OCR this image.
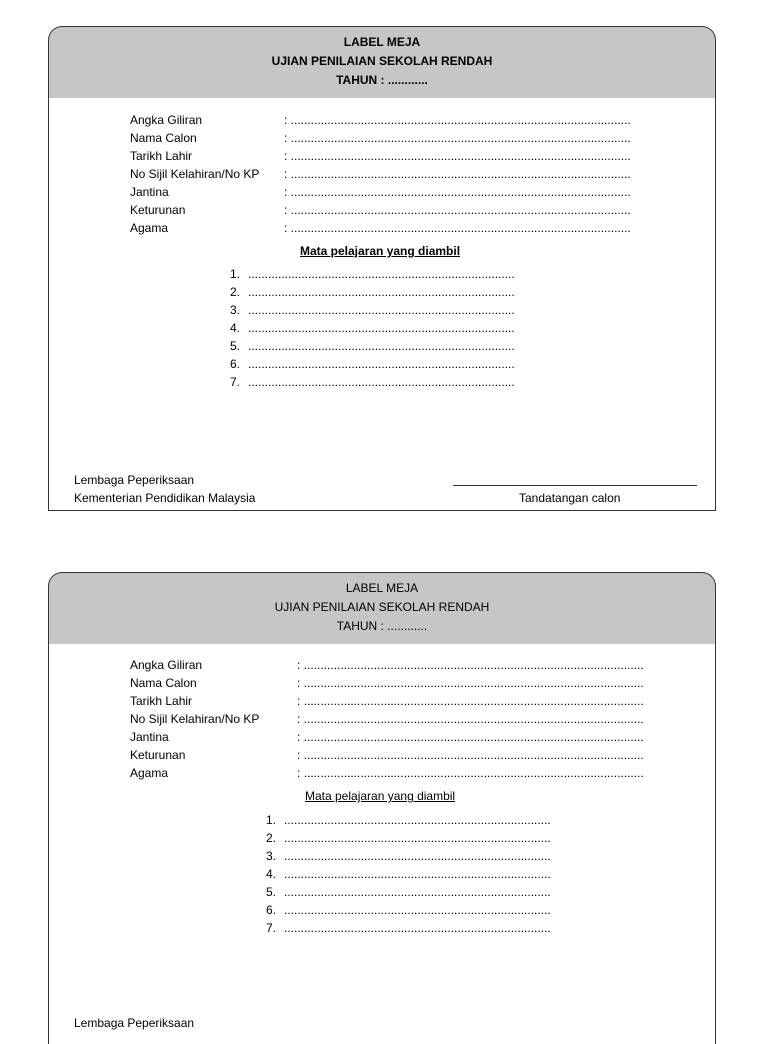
LABEL MEJA
UJIAN PENILAIAN SEKOLAH RENDAH
TAHUN : ............
Angka Giliran	: ......................................................................................................
Nama Calon	: ......................................................................................................
Tarikh Lahir	: ......................................................................................................
No Sijil Kelahiran/No KP : ......................................................................................................
Jantina	: ......................................................................................................
Keturunan	: ......................................................................................................
Agama	: ......................................................................................................
Mata pelajaran yang diambil
1. ................................................................................
2. ................................................................................
3. ................................................................................
4. ................................................................................
5. ................................................................................
6. ................................................................................
7. ................................................................................
Lembaga Peperiksaan
Kementerian Pendidikan Malaysia	Tandatangan calon
LABEL MEJA
UJIAN PENILAIAN SEKOLAH RENDAH
TAHUN : ............
Angka Giliran	: ......................................................................................................
Nama Calon	: ......................................................................................................
Tarikh Lahir	: ......................................................................................................
No Sijil Kelahiran/No KP	: ......................................................................................................
Jantina	: ......................................................................................................
Keturunan	: ......................................................................................................
Agama	: ......................................................................................................
Mata pelajaran yang diambil
1. ................................................................................
2. ................................................................................
3. ................................................................................
4. ................................................................................
5. ................................................................................
6. ................................................................................
7. ................................................................................
Lembaga Peperiksaan
